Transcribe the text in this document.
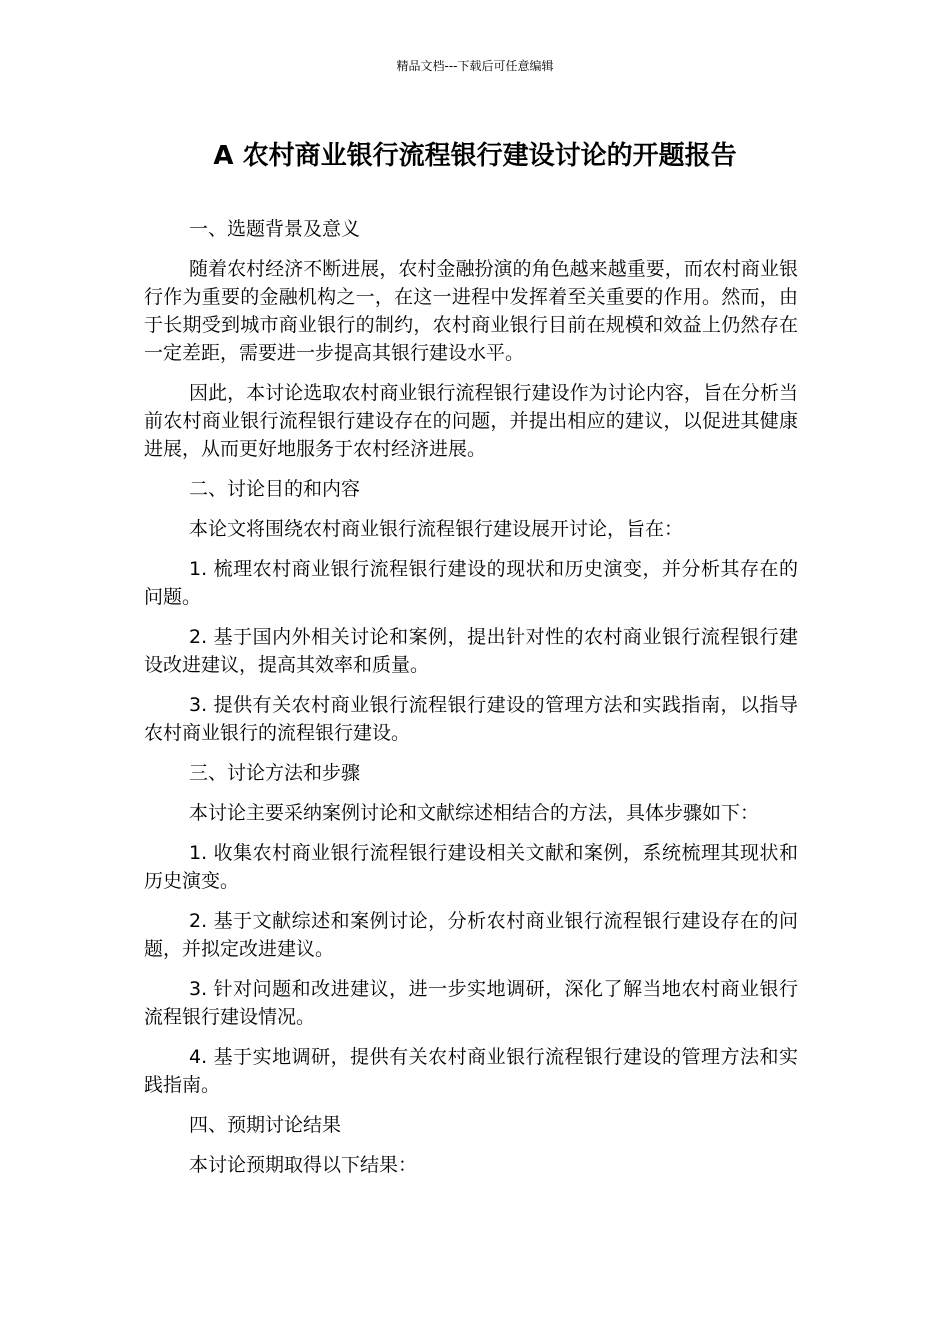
精品文档---下载后可任意编辑
A 农村商业银行流程银行建设讨论的开题报告

一、选题背景及意义

随着农村经济不断进展，农村金融扮演的角色越来越重要，而农村商业银行作为重要的金融机构之一，在这一进程中发挥着至关重要的作用。然而，由于长期受到城市商业银行的制约，农村商业银行目前在规模和效益上仍然存在一定差距，需要进一步提高其银行建设水平。

因此，本讨论选取农村商业银行流程银行建设作为讨论内容，旨在分析当前农村商业银行流程银行建设存在的问题，并提出相应的建议，以促进其健康进展，从而更好地服务于农村经济进展。

二、讨论目的和内容

本论文将围绕农村商业银行流程银行建设展开讨论，旨在：

1. 梳理农村商业银行流程银行建设的现状和历史演变，并分析其存在的问题。

2. 基于国内外相关讨论和案例，提出针对性的农村商业银行流程银行建设改进建议，提高其效率和质量。

3. 提供有关农村商业银行流程银行建设的管理方法和实践指南，以指导农村商业银行的流程银行建设。

三、讨论方法和步骤

本讨论主要采纳案例讨论和文献综述相结合的方法，具体步骤如下：

1. 收集农村商业银行流程银行建设相关文献和案例，系统梳理其现状和历史演变。

2. 基于文献综述和案例讨论，分析农村商业银行流程银行建设存在的问题，并拟定改进建议。

3. 针对问题和改进建议，进一步实地调研，深化了解当地农村商业银行流程银行建设情况。

4. 基于实地调研，提供有关农村商业银行流程银行建设的管理方法和实践指南。

四、预期讨论结果

本讨论预期取得以下结果：
